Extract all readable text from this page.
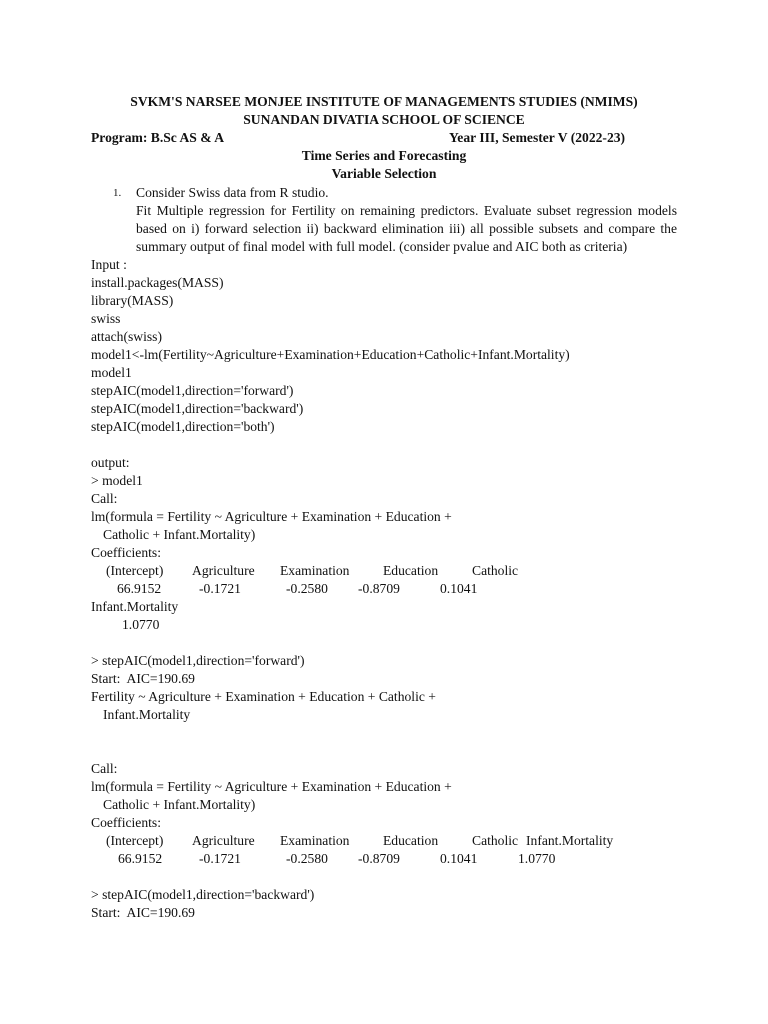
SVKM'S NARSEE MONJEE INSTITUTE OF MANAGEMENTS STUDIES (NMIMS)
SUNANDAN DIVATIA SCHOOL OF SCIENCE
Program: B.Sc AS & A	Year III, Semester V (2022-23)
Time Series and Forecasting
Variable Selection
1. Consider Swiss data from R studio.
Fit Multiple regression for Fertility on remaining predictors. Evaluate subset regression models based on i) forward selection ii) backward elimination iii) all possible subsets and compare the summary output of final model with full model. (consider pvalue and AIC both as criteria)
Input :
install.packages(MASS)
library(MASS)
swiss
attach(swiss)
model1<-lm(Fertility~Agriculture+Examination+Education+Catholic+Infant.Mortality)
model1
stepAIC(model1,direction='forward')
stepAIC(model1,direction='backward')
stepAIC(model1,direction='both')
output:
> model1
Call:
lm(formula = Fertility ~ Agriculture + Examination + Education +
Catholic + Infant.Mortality)
Coefficients:
(Intercept) Agriculture Examination Education Catholic
66.9152	-0.1721	-0.2580 -0.8709	0.1041
Infant.Mortality
1.0770
> stepAIC(model1,direction='forward')
Start:  AIC=190.69
Fertility ~ Agriculture + Examination + Education + Catholic +
Infant.Mortality
Call:
lm(formula = Fertility ~ Agriculture + Examination + Education +
Catholic + Infant.Mortality)
Coefficients:
(Intercept) Agriculture Examination Education Catholic Infant.Mortality
66.9152	-0.1721	-0.2580 -0.8709	0.1041	1.0770
> stepAIC(model1,direction='backward')
Start:  AIC=190.69
